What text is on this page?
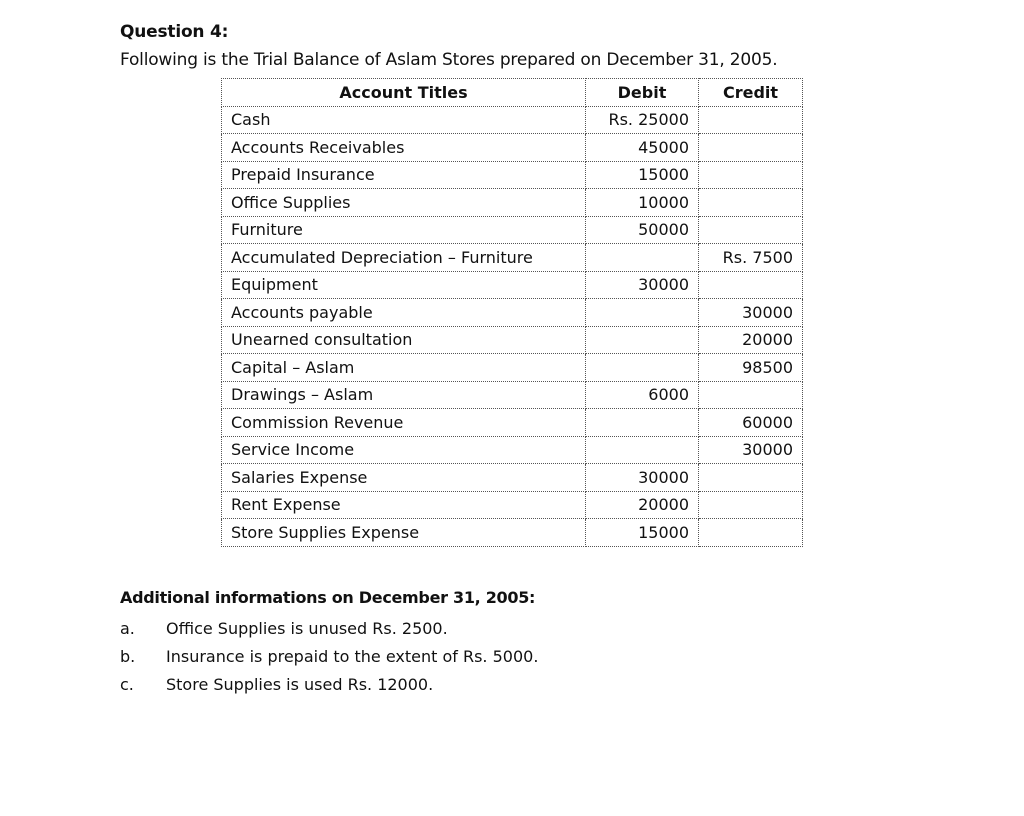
Question 4:
Following is the Trial Balance of Aslam Stores prepared on December 31, 2005.
Account Titles	Debit	Credit
Cash	Rs. 25000	
Accounts Receivables	45000	
Prepaid Insurance	15000	
Office Supplies	10000	
Furniture	50000	
Accumulated Depreciation – Furniture		Rs. 7500
Equipment	30000	
Accounts payable		30000
Unearned consultation		20000
Capital – Aslam		98500
Drawings – Aslam	6000	
Commission Revenue		60000
Service Income		30000
Salaries Expense	30000	
Rent Expense	20000	
Store Supplies Expense	15000	
Additional informations on December 31, 2005:
a.	Office Supplies is unused Rs. 2500.
b.	Insurance is prepaid to the extent of Rs. 5000.
c.	Store Supplies is used Rs. 12000.
